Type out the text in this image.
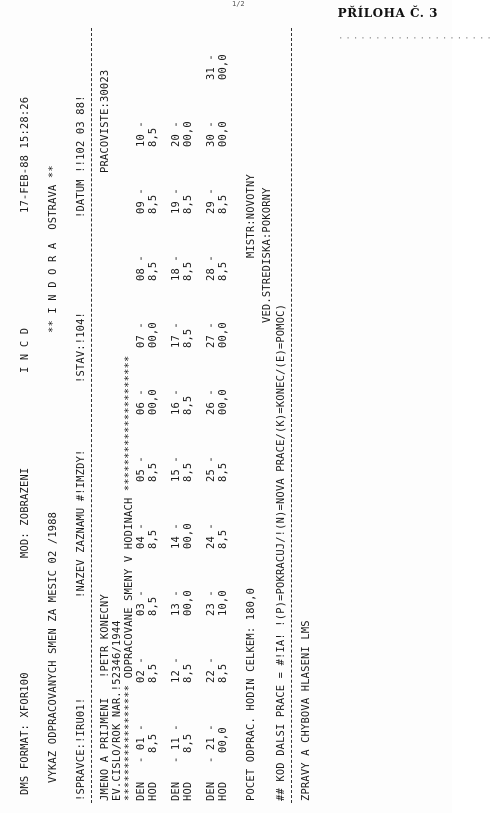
PŘÍLOHA Č. 3
1/2
·····················

DMS FORMAT: XFOR100

MOD: ZOBRAZENI

I N C D

17-FEB-88 15:28:26

VYKAZ ODPRACOVANYCH SMEN ZA MESIC 02 /1988

** I N D O R A  OSTRAVA **

!SPRAVCE:!IRU01!

!NAZEV ZAZNAMU #!IMZDY!

!STAV:!104!

!DATUM !!102 03 88!

JMENO A PRIJMENI

!PETR KONECNY

PRACOVISTE:30023

EV.CISLO/ROK NAR.!52346/1944

****************** ODPRACOVANE SMENY V HODINACH *********************

DEN

- 01 -

02 -

03 -

04 -

05 -

06 -

07 -

08 -

09 -

10 -

HOD

8,5

8,5

8,5

8,5

8,5

00,0

00,0

8,5

8,5

8,5

DEN

- 11 -

12 -

13 -

14 -

15 -

16 -

17 -

18 -

19 -

20 -

HOD

8,5

8,5

00,0

00,0

8,5

8,5

8,5

8,5

8,5

00,0

DEN

- 21 -

22 -

23 -

24 -

25 -

26 -

27 -

28 -

29 -

30 -

31 -

HOD

00,0

8,5

10,0

8,5

8,5

00,0

00,0

8,5

8,5

00,0

00,0

POCET ODPRAC. HODIN CELKEM: 180,0

MISTR:NOVOTNY

VED.STREDISKA:POKORNY

## KOD DALSI PRACE = #!IA! !(P)=POKRACUJ/!(N)=NOVA PRACE/(K)=KONEC/(E)=POMOC)

ZPRAVY A CHYBOVA HLASENI LMS
